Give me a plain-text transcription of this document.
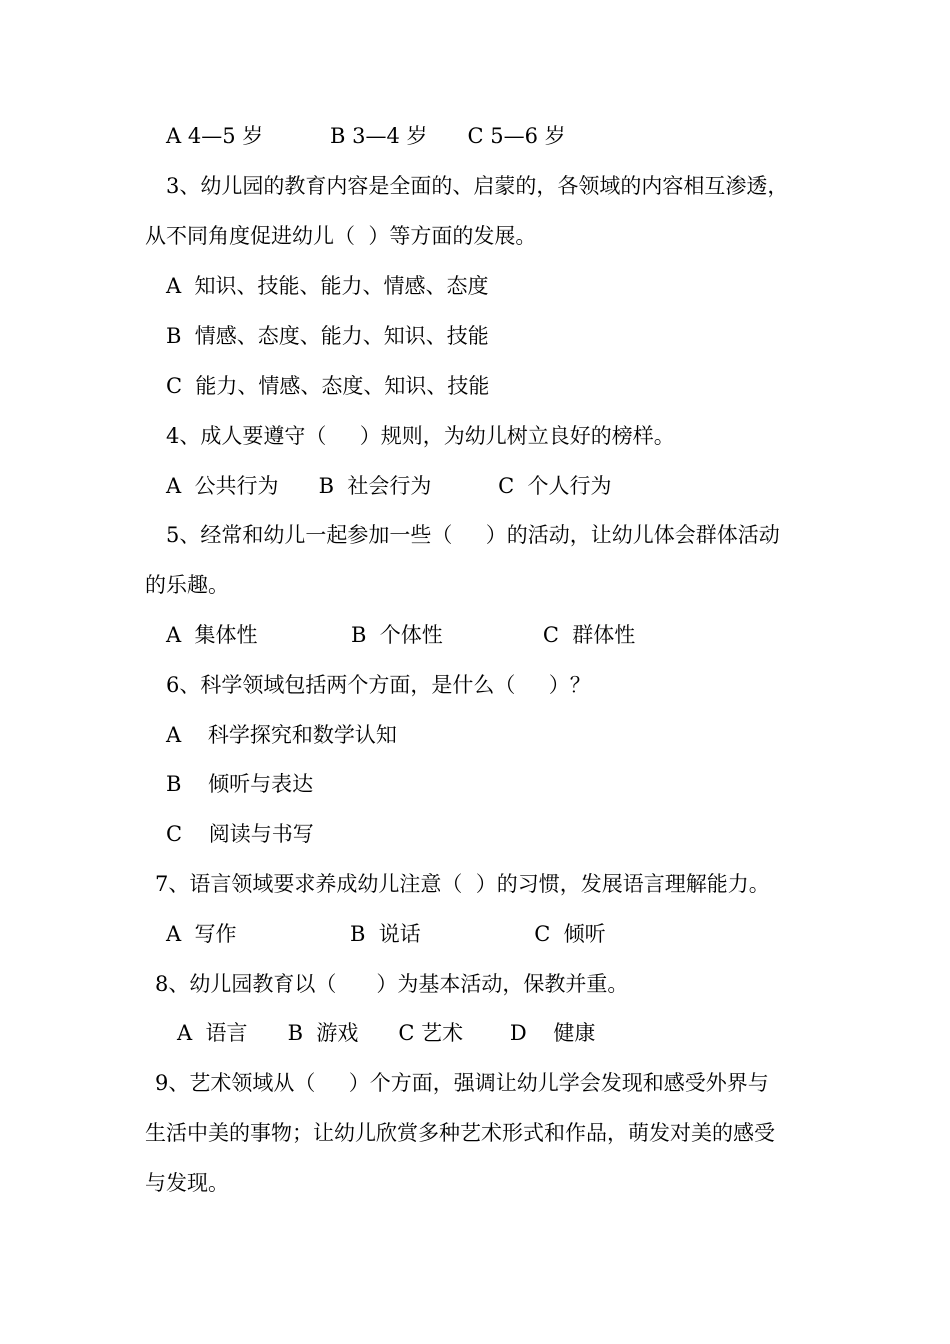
A 4—5 岁          B 3—4 岁      C 5—6 岁
3、幼儿园的教育内容是全面的、启蒙的，各领域的内容相互渗透，
从不同角度促进幼儿（  ）等方面的发展。
A  知识、技能、能力、情感、态度
B  情感、态度、能力、知识、技能
C  能力、情感、态度、知识、技能
4、成人要遵守（     ）规则，为幼儿树立良好的榜样。
A  公共行为      B  社会行为          C  个人行为
5、经常和幼儿一起参加一些（     ）的活动，让幼儿体会群体活动
的乐趣。
A  集体性              B  个体性               C  群体性
6、科学领域包括两个方面，是什么（     ）？
A    科学探究和数学认知
B    倾听与表达
C    阅读与书写
7、语言领域要求养成幼儿注意（  ）的习惯，发展语言理解能力。
A  写作                 B  说话                 C  倾听
8、幼儿园教育以（      ）为基本活动，保教并重。
A  语言      B  游戏      C 艺术       D    健康
9、艺术领域从（     ）个方面，强调让幼儿学会发现和感受外界与
生活中美的事物；让幼儿欣赏多种艺术形式和作品，萌发对美的感受
与发现。
